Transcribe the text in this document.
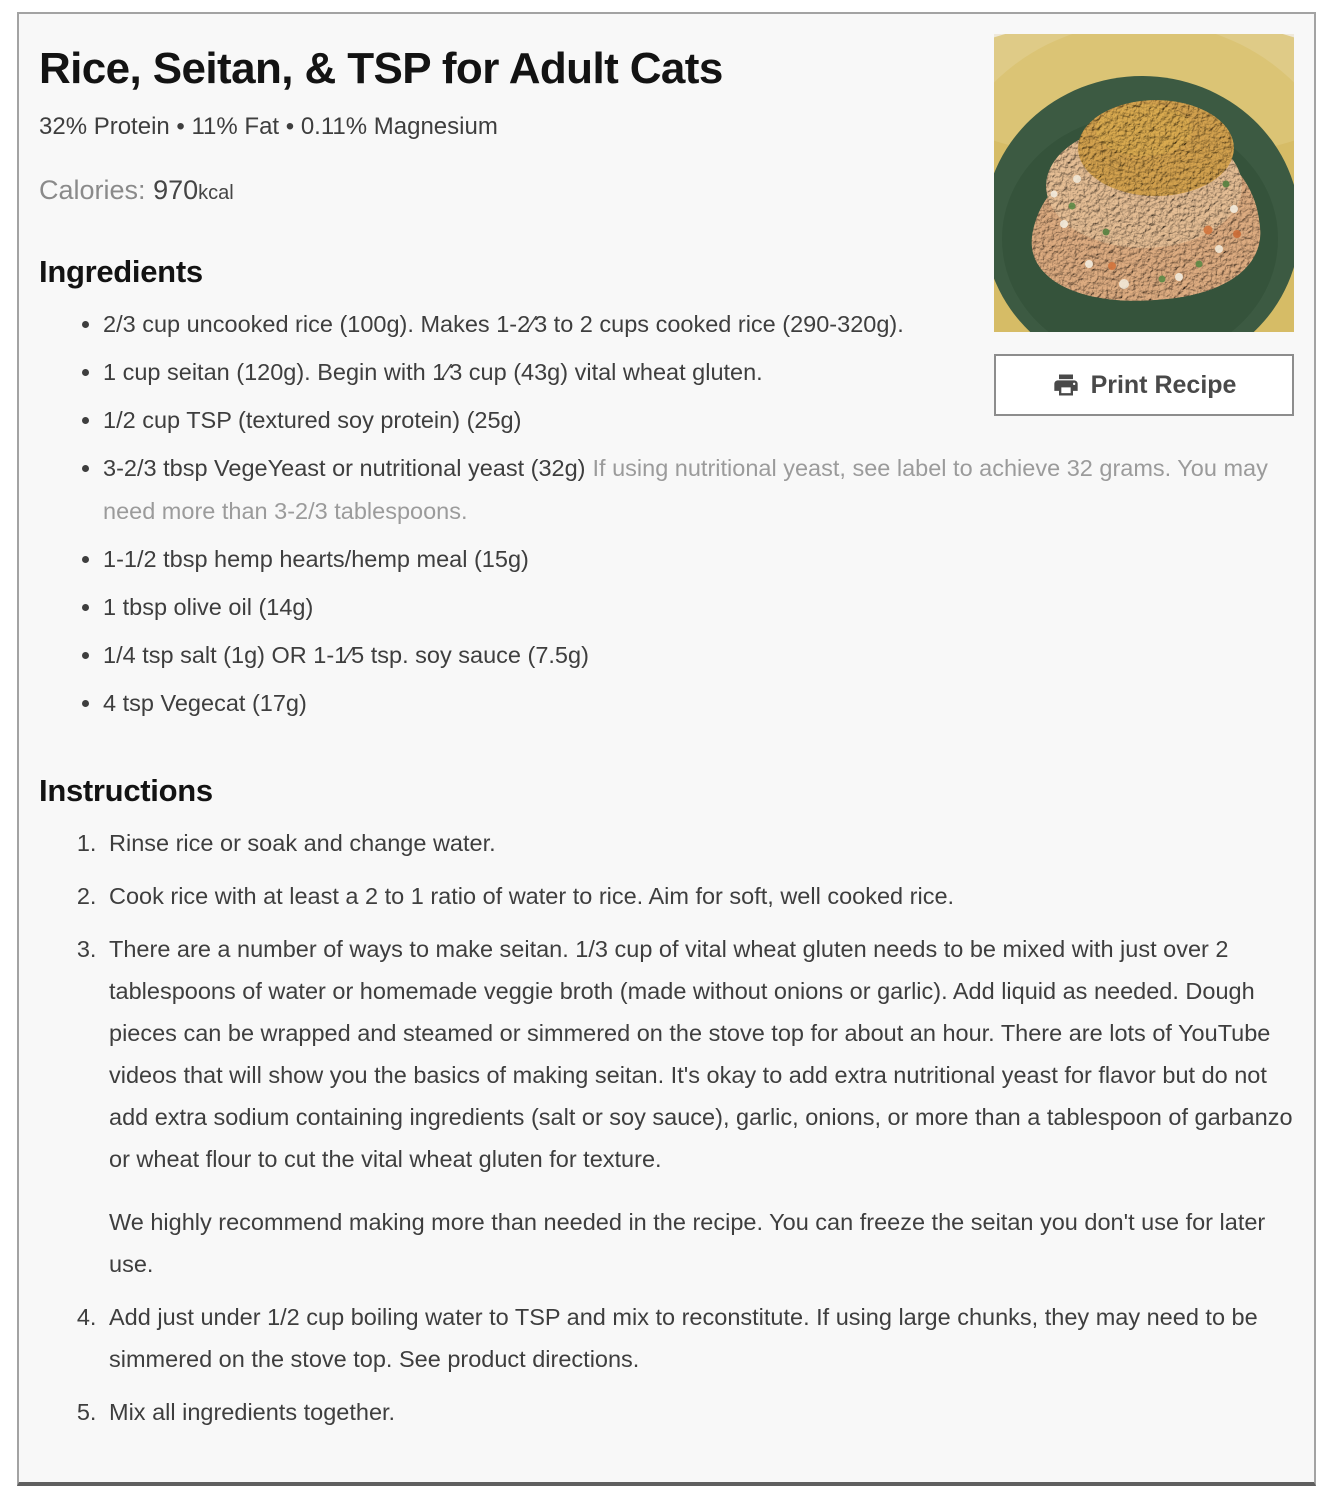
Print Recipe
Rice, Seitan, & TSP for Adult Cats

32% Protein • 11% Fat • 0.11% Magnesium

Calories: 970kcal

Ingredients
• 2/3 cup uncooked rice (100g). Makes 1-2⁄3 to 2 cups cooked rice (290-320g).
• 1 cup seitan (120g). Begin with 1⁄3 cup (43g) vital wheat gluten.
• 1/2 cup TSP (textured soy protein) (25g)
• 3-2/3 tbsp VegeYeast or nutritional yeast (32g) If using nutritional yeast, see label to achieve 32 grams. You may need more than 3-2/3 tablespoons.
• 1-1/2 tbsp hemp hearts/hemp meal (15g)
• 1 tbsp olive oil (14g)
• 1/4 tsp salt (1g) OR 1-1⁄5 tsp. soy sauce (7.5g)
• 4 tsp Vegecat (17g)
Instructions

1. Rinse rice or soak and change water.

2. Cook rice with at least a 2 to 1 ratio of water to rice. Aim for soft, well cooked rice.

3. There are a number of ways to make seitan. 1/3 cup of vital wheat gluten needs to be mixed with just over 2 tablespoons of water or homemade veggie broth (made without onions or garlic). Add liquid as needed. Dough pieces can be wrapped and steamed or simmered on the stove top for about an hour. There are lots of YouTube videos that will show you the basics of making seitan. It's okay to add extra nutritional yeast for flavor but do not add extra sodium containing ingredients (salt or soy sauce), garlic, onions, or more than a tablespoon of garbanzo or wheat flour to cut the vital wheat gluten for texture.

We highly recommend making more than needed in the recipe. You can freeze the seitan you don't use for later use.

4. Add just under 1/2 cup boiling water to TSP and mix to reconstitute. If using large chunks, they may need to be simmered on the stove top. See product directions.

5. Mix all ingredients together.
